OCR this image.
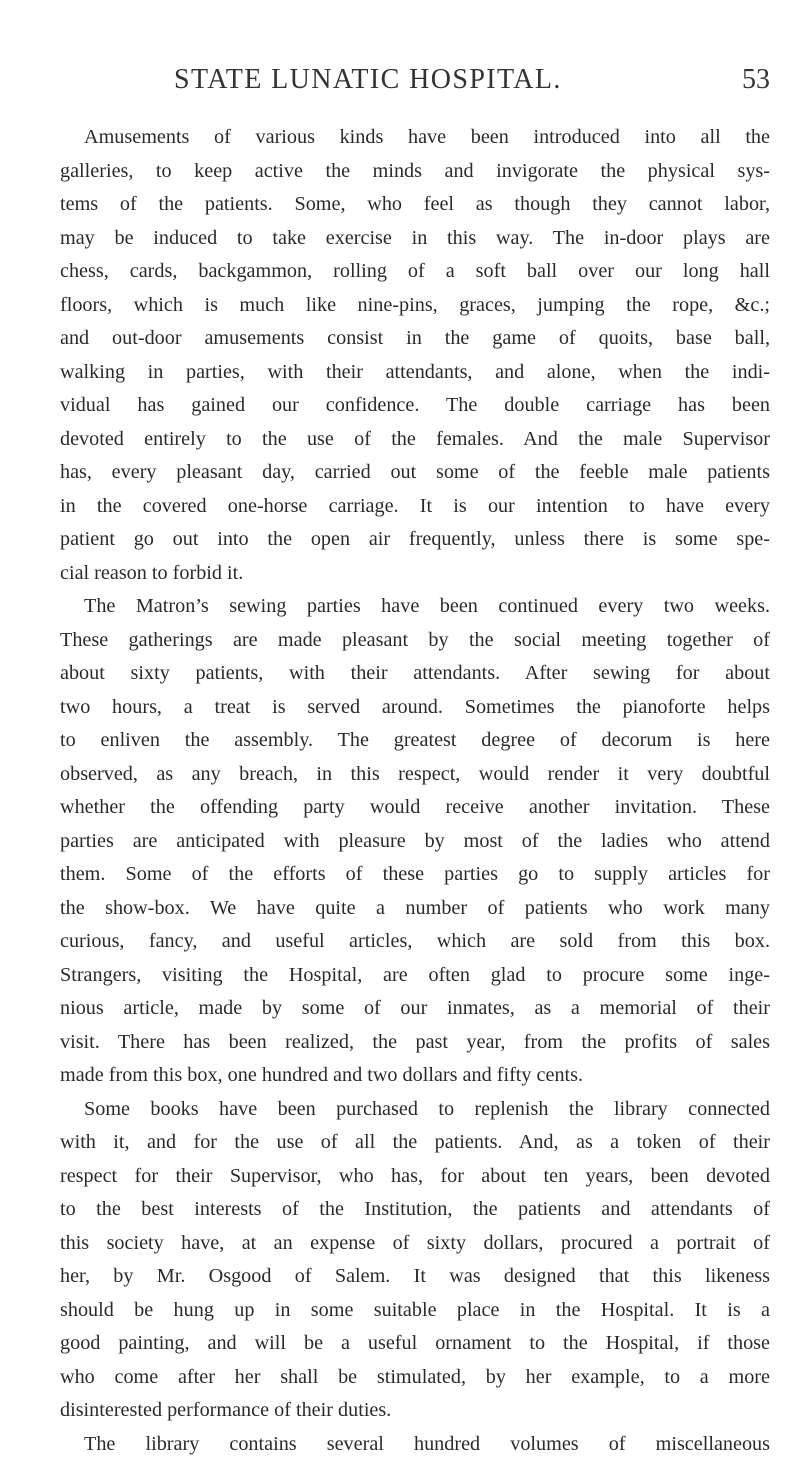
STATE LUNATIC HOSPITAL.	53
Amusements of various kinds have been introduced into all the
galleries, to keep active the minds and invigorate the physical sys-
tems of the patients. Some, who feel as though they cannot labor,
may be induced to take exercise in this way. The in-door plays are
chess, cards, backgammon, rolling of a soft ball over our long hall
floors, which is much like nine-pins, graces, jumping the rope, &c.;
and out-door amusements consist in the game of quoits, base ball,
walking in parties, with their attendants, and alone, when the indi-
vidual has gained our confidence. The double carriage has been
devoted entirely to the use of the females. And the male Supervisor
has, every pleasant day, carried out some of the feeble male patients
in the covered one-horse carriage. It is our intention to have every
patient go out into the open air frequently, unless there is some spe-
cial reason to forbid it.
The Matron’s sewing parties have been continued every two weeks.
These gatherings are made pleasant by the social meeting together of
about sixty patients, with their attendants. After sewing for about
two hours, a treat is served around. Sometimes the pianoforte helps
to enliven the assembly. The greatest degree of decorum is here
observed, as any breach, in this respect, would render it very doubtful
whether the offending party would receive another invitation. These
parties are anticipated with pleasure by most of the ladies who attend
them. Some of the efforts of these parties go to supply articles for
the show-box. We have quite a number of patients who work many
curious, fancy, and useful articles, which are sold from this box.
Strangers, visiting the Hospital, are often glad to procure some inge-
nious article, made by some of our inmates, as a memorial of their
visit. There has been realized, the past year, from the profits of sales
made from this box, one hundred and two dollars and fifty cents.
Some books have been purchased to replenish the library connected
with it, and for the use of all the patients. And, as a token of their
respect for their Supervisor, who has, for about ten years, been devoted
to the best interests of the Institution, the patients and attendants of
this society have, at an expense of sixty dollars, procured a portrait of
her, by Mr. Osgood of Salem. It was designed that this likeness
should be hung up in some suitable place in the Hospital. It is a
good painting, and will be a useful ornament to the Hospital, if those
who come after her shall be stimulated, by her example, to a more
disinterested performance of their duties.
The library contains several hundred volumes of miscellaneous
